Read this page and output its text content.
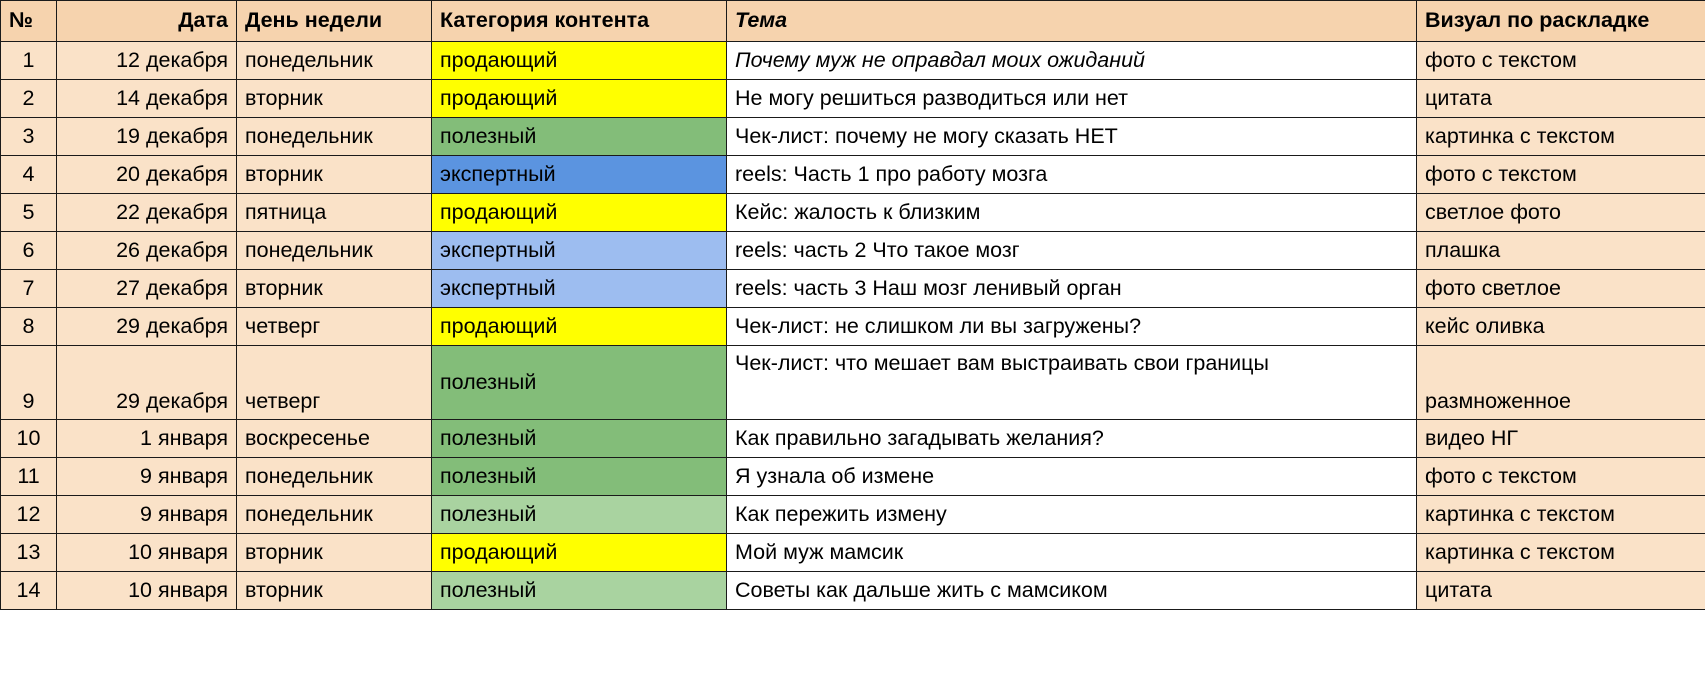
№	Дата	День недели	Категория контента	Тема	Визуал по раскладке
1	12 декабря	понедельник	продающий	Почему муж не оправдал моих ожиданий	фото с текстом
2	14 декабря	вторник	продающий	Не могу решиться разводиться или нет	цитата
3	19 декабря	понедельник	полезный	Чек-лист: почему не могу сказать НЕТ	картинка с текстом
4	20 декабря	вторник	экспертный	reels: Часть 1 про работу мозга	фото с текстом
5	22 декабря	пятница	продающий	Кейс: жалость к близким	светлое фото
6	26 декабря	понедельник	экспертный	reels: часть 2 Что такое мозг	плашка
7	27 декабря	вторник	экспертный	reels: часть 3 Наш мозг ленивый орган	фото светлое
8	29 декабря	четверг	продающий	Чек-лист: не слишком ли вы загружены?	кейс оливка
9	29 декабря	четверг	полезный	Чек-лист: что мешает вам выстраивать свои границы	размноженное
10	1 января	воскресенье	полезный	Как правильно загадывать желания?	видео НГ
11	9 января	понедельник	полезный	Я узнала об измене	фото с текстом
12	9 января	понедельник	полезный	Как пережить измену	картинка с текстом
13	10 января	вторник	продающий	Мой муж мамсик	картинка с текстом
14	10 января	вторник	полезный	Советы как дальше жить с мамсиком	цитата
